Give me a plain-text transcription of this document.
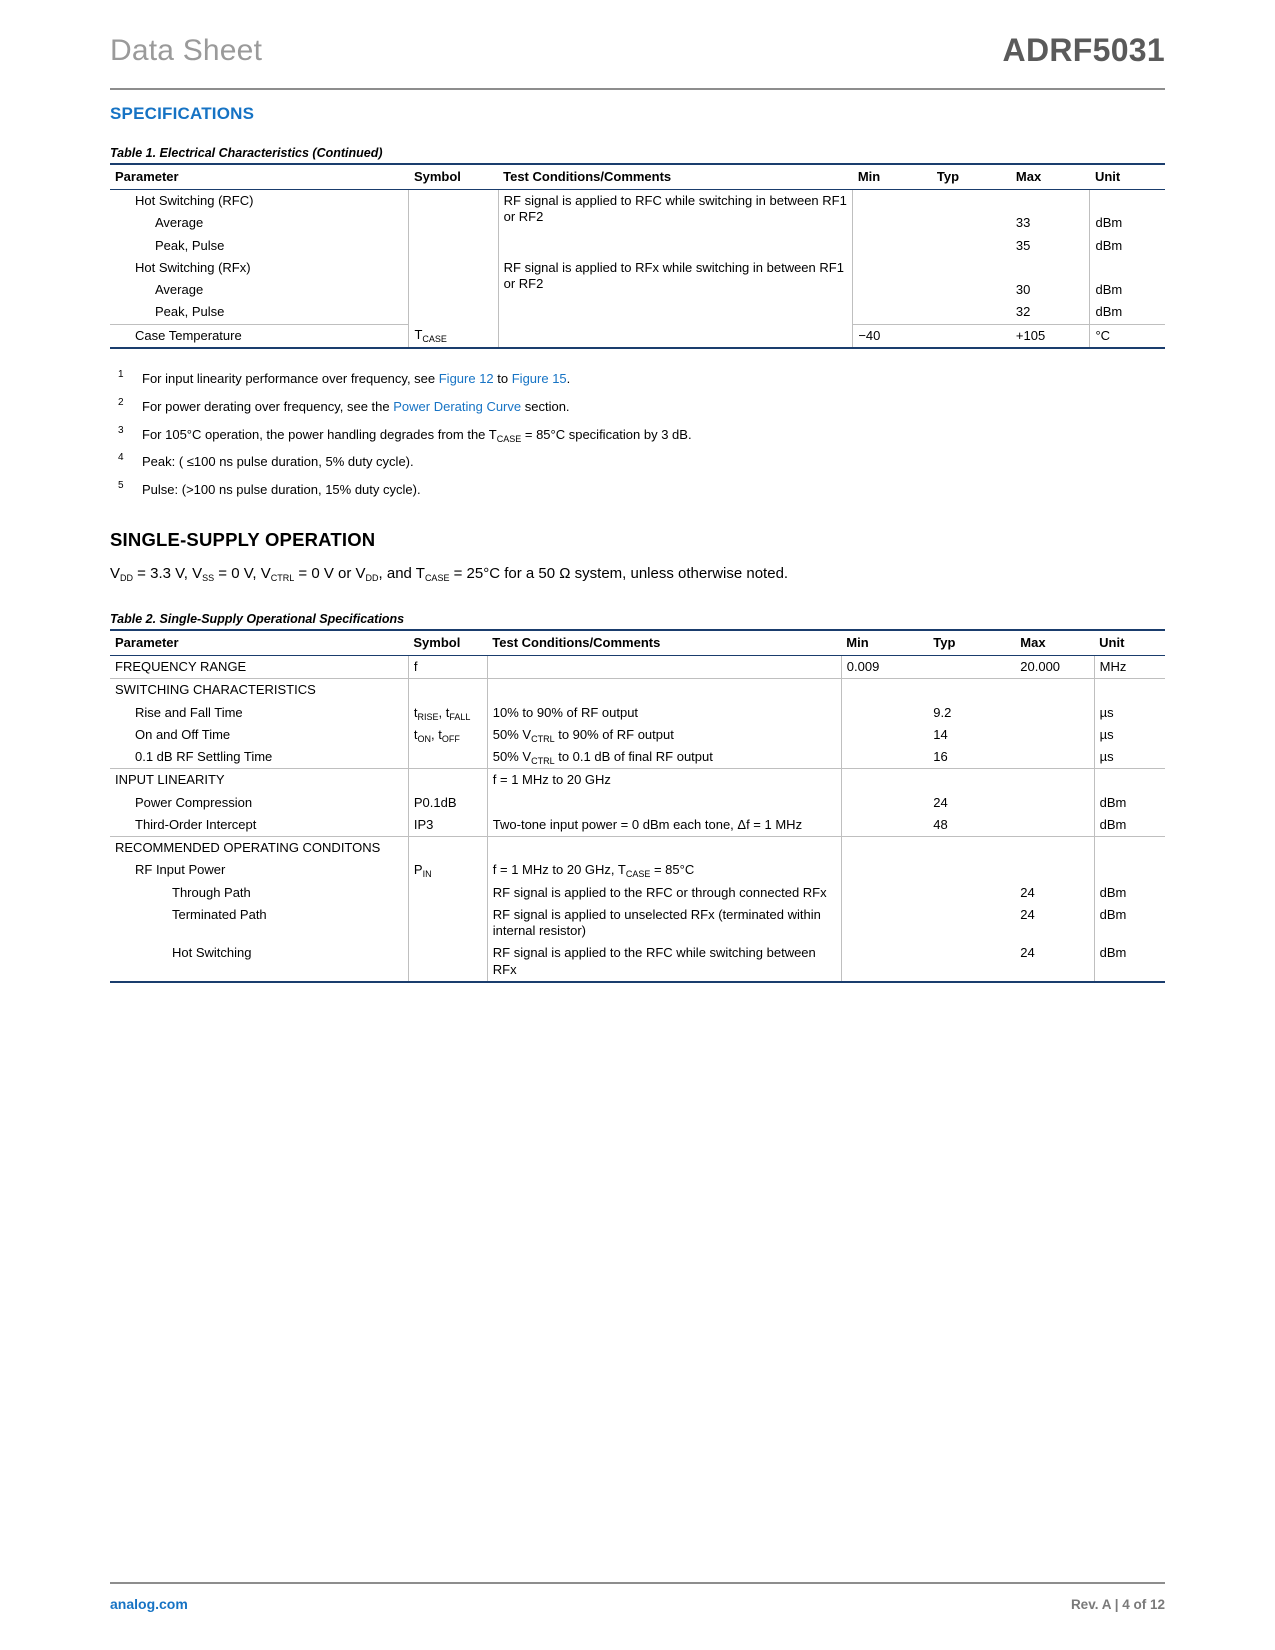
Data Sheet	ADRF5031
SPECIFICATIONS
Table 1. Electrical Characteristics (Continued)
Parameter	Symbol	Test Conditions/Comments	Min	Typ	Max	Unit
Hot Switching (RFC)		RF signal is applied to RFC while switching in between RF1 or RF2				
Average					33	dBm
Peak, Pulse					35	dBm
Hot Switching (RFx)		RF signal is applied to RFx while switching in between RF1 or RF2				
Average					30	dBm
Peak, Pulse					32	dBm
Case Temperature	$T_{CASE}$		−40		+105	°C
1 For input linearity performance over frequency, see Figure 12 to Figure 15.
2 For power derating over frequency, see the Power Derating Curve section.
3 For 105°C operation, the power handling degrades from the $T_{CASE} = 85^\circ C$ specification by 3 dB.
4 Peak: ( ≤100 ns pulse duration, 5% duty cycle).
5 Pulse: (>100 ns pulse duration, 15% duty cycle).
SINGLE-SUPPLY OPERATION

$V_{DD} = 3.3$ V, $V_{SS} = 0$ V, $V_{CTRL} = 0$ V or $V_{DD}$, and $T_{CASE} = 25^\circ C$ for a 50 Ω system, unless otherwise noted.

Table 2. Single-Supply Operational Specifications
Parameter	Symbol	Test Conditions/Comments	Min	Typ	Max	Unit
FREQUENCY RANGE	f		0.009		20.000	MHz
SWITCHING CHARACTERISTICS						
Rise and Fall Time	$t_{RISE}$, $t_{FALL}$	10% to 90% of RF output		9.2		µs
On and Off Time	$t_{ON}$, $t_{OFF}$	50% $V_{CTRL}$ to 90% of RF output		14		µs
0.1 dB RF Settling Time		50% $V_{CTRL}$ to 0.1 dB of final RF output		16		µs
INPUT LINEARITY		f = 1 MHz to 20 GHz				
Power Compression	P0.1dB			24		dBm
Third-Order Intercept	IP3	Two-tone input power = 0 dBm each tone, Δf = 1 MHz		48		dBm
RECOMMENDED OPERATING CONDITONS						
RF Input Power	$P_{IN}$	f = 1 MHz to 20 GHz, $T_{CASE} = 85^\circ C$				
Through Path		RF signal is applied to the RFC or through connected RFx			24	dBm
Terminated Path		RF signal is applied to unselected RFx (terminated within internal resistor)			24	dBm
Hot Switching		RF signal is applied to the RFC while switching between RFx			24	dBm
analog.com	Rev. A | 4 of 12
